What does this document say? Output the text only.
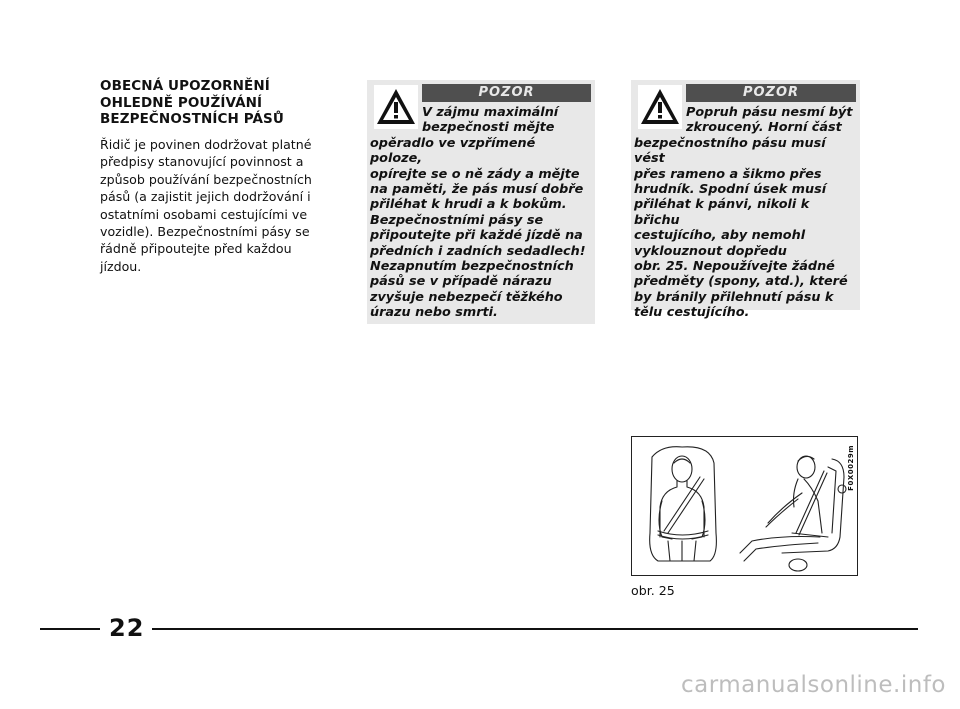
OBECNÁ UPOZORNĚNÍ
OHLEDNĚ POUŽÍVÁNÍ
BEZPEČNOSTNÍCH PÁSŮ
Řidič je povinen dodržovat platné
předpisy stanovující povinnost a
způsob používání bezpečnostních
pásů (a zajistit jejich dodržování i
ostatními osobami cestujícími ve
vozidle). Bezpečnostními pásy se
řádně připoutejte před každou
jízdou.
POZOR
V zájmu maximální
bezpečnosti mějte
opěradlo ve vzpřímené poloze,
opírejte se o ně zády a mějte
na paměti, že pás musí dobře
přiléhat k hrudi a k bokům.
Bezpečnostními pásy se
připoutejte při každé jízdě na
předních i zadních sedadlech!
Nezapnutím bezpečnostních
pásů se v případě nárazu
zvyšuje nebezpečí těžkého
úrazu nebo smrti.
POZOR
Popruh pásu nesmí být
zkroucený. Horní část
bezpečnostního pásu musí vést
přes rameno a šikmo přes
hrudník. Spodní úsek musí
přiléhat k pánvi, nikoli k břichu
cestujícího, aby nemohl
vyklouznout dopředu
obr. 25. Nepoužívejte žádné
předměty (spony, atd.), které
by bránily přilehnutí pásu k
tělu cestujícího.
F0X0029m
obr. 25
22
carmanualsonline.info
